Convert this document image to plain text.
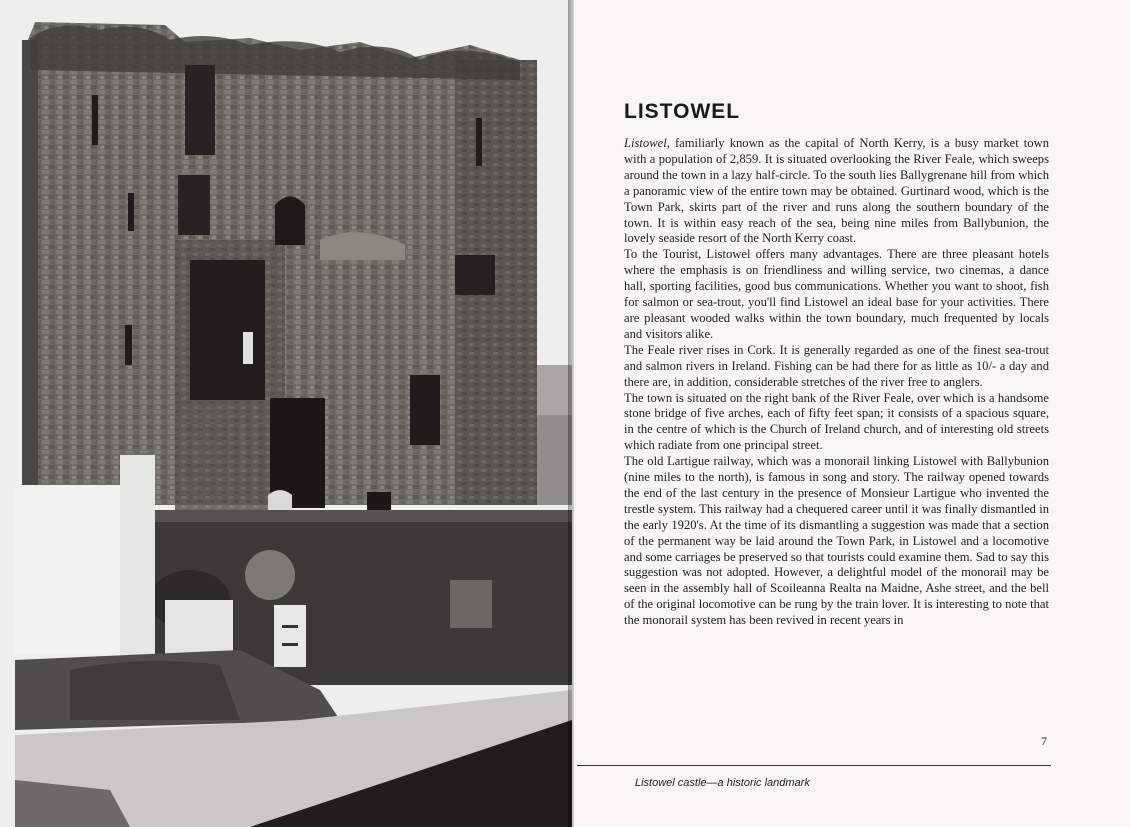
LISTOWEL

Listowel, familiarly known as the capital of North Kerry, is a busy market town with a population of 2,859. It is situated overlooking the River Feale, which sweeps around the town in a lazy half-circle. To the south lies Ballygrenane hill from which a panoramic view of the entire town may be obtained. Gurtinard wood, which is the Town Park, skirts part of the river and runs along the southern boundary of the town. It is within easy reach of the sea, being nine miles from Ballybunion, the lovely seaside resort of the North Kerry coast.

To the Tourist, Listowel offers many advantages. There are three pleasant hotels where the emphasis is on friendliness and willing service, two cinemas, a dance hall, sporting facilities, good bus communications. Whether you want to shoot, fish for salmon or sea-trout, you'll find Listowel an ideal base for your activities. There are pleasant wooded walks within the town boundary, much frequented by locals and visitors alike.

The Feale river rises in Cork. It is generally regarded as one of the finest sea-trout and salmon rivers in Ireland. Fishing can be had there for as little as 10/- a day and there are, in addition, considerable stretches of the river free to anglers.

The town is situated on the right bank of the River Feale, over which is a handsome stone bridge of five arches, each of fifty feet span; it consists of a spacious square, in the centre of which is the Church of Ireland church, and of interesting old streets which radiate from one principal street.

The old Lartigue railway, which was a monorail linking Listowel with Ballybunion (nine miles to the north), is famous in song and story. The railway opened towards the end of the last century in the presence of Monsieur Lartigue who invented the trestle system. This railway had a chequered career until it was finally dismantled in the early 1920's. At the time of its dismantling a suggestion was made that a section of the permanent way be laid around the Town Park, in Listowel and a locomotive and some carriages be preserved so that tourists could examine them. Sad to say this suggestion was not adopted. However, a delightful model of the monorail may be seen in the assembly hall of Scoileanna Realta na Maidne, Ashe street, and the bell of the original locomotive can be rung by the train lover. It is interesting to note that the monorail system has been revived in recent years in

7
Listowel castle—a historic landmark
